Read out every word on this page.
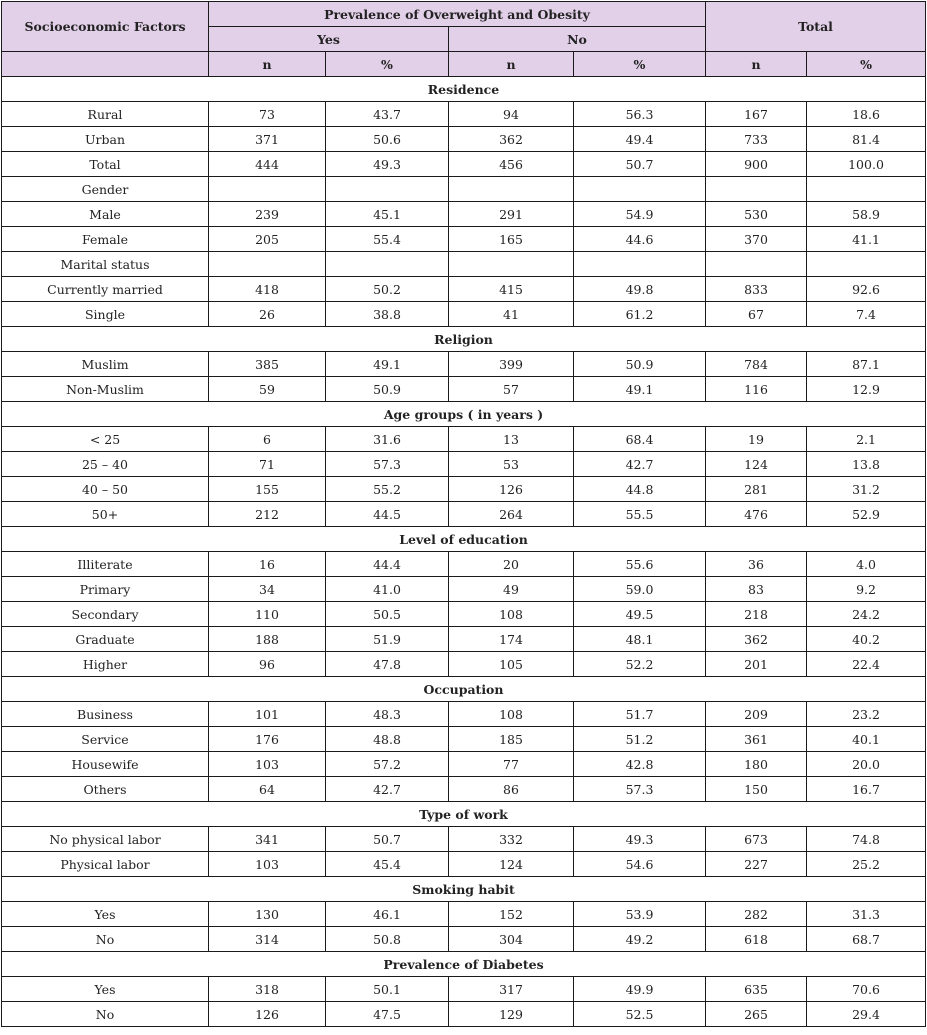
Socioeconomic Factors	Prevalence of Overweight and Obesity				Total	
	Yes		No			
	n	%	n	%	n	%
Residence						
Rural	73	43.7	94	56.3	167	18.6
Urban	371	50.6	362	49.4	733	81.4
Total	444	49.3	456	50.7	900	100.0
Gender						
Male	239	45.1	291	54.9	530	58.9
Female	205	55.4	165	44.6	370	41.1
Marital status						
Currently married	418	50.2	415	49.8	833	92.6
Single	26	38.8	41	61.2	67	7.4
Religion						
Muslim	385	49.1	399	50.9	784	87.1
Non-Muslim	59	50.9	57	49.1	116	12.9
Age groups ( in years )						
< 25	6	31.6	13	68.4	19	2.1
25 – 40	71	57.3	53	42.7	124	13.8
40 – 50	155	55.2	126	44.8	281	31.2
50+	212	44.5	264	55.5	476	52.9
Level of education						
Illiterate	16	44.4	20	55.6	36	4.0
Primary	34	41.0	49	59.0	83	9.2
Secondary	110	50.5	108	49.5	218	24.2
Graduate	188	51.9	174	48.1	362	40.2
Higher	96	47.8	105	52.2	201	22.4
Occupation						
Business	101	48.3	108	51.7	209	23.2
Service	176	48.8	185	51.2	361	40.1
Housewife	103	57.2	77	42.8	180	20.0
Others	64	42.7	86	57.3	150	16.7
Type of work						
No physical labor	341	50.7	332	49.3	673	74.8
Physical labor	103	45.4	124	54.6	227	25.2
Smoking habit						
Yes	130	46.1	152	53.9	282	31.3
No	314	50.8	304	49.2	618	68.7
Prevalence of Diabetes						
Yes	318	50.1	317	49.9	635	70.6
No	126	47.5	129	52.5	265	29.4
